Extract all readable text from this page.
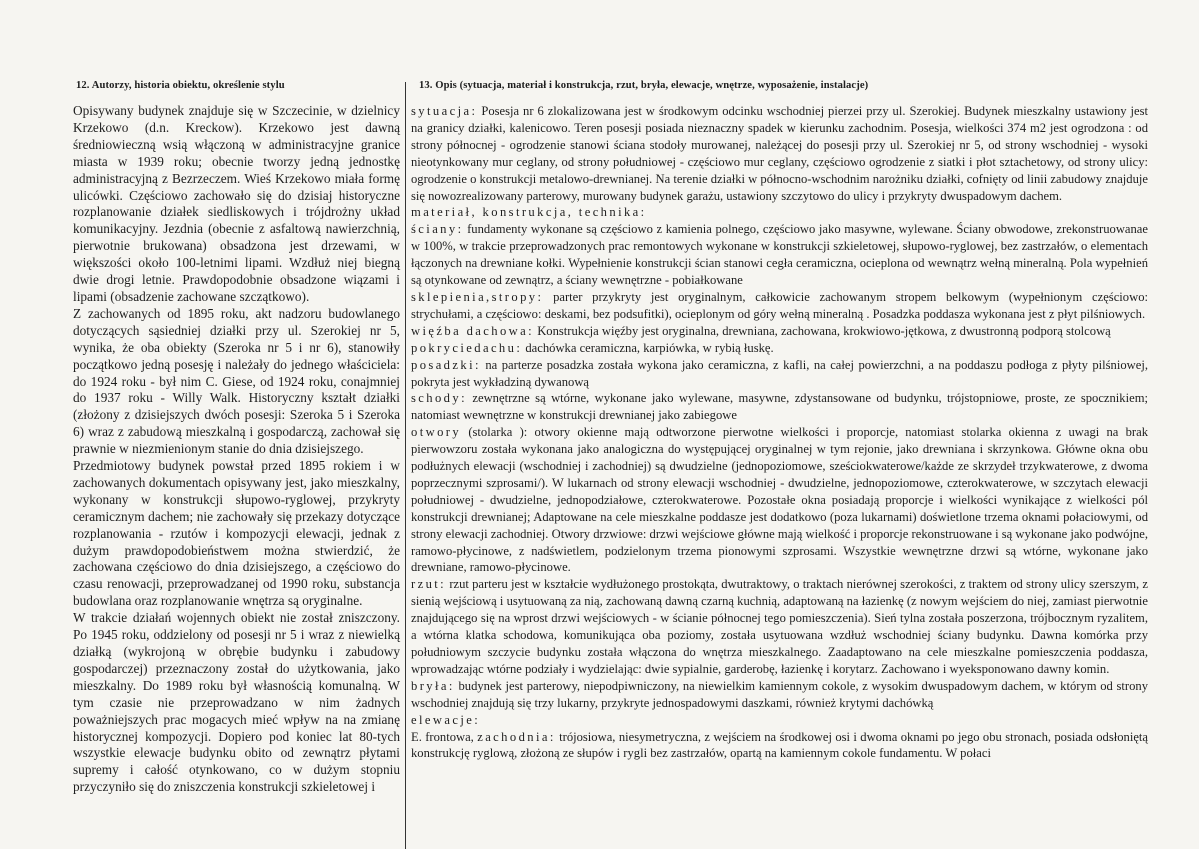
12. Autorzy, historia obiektu, określenie stylu

Opisywany budynek znajduje się w Szczecinie, w dzielnicy Krzekowo (d.n. Kreckow). Krzekowo jest dawną średniowieczną wsią włączoną w administracyjne granice miasta w 1939 roku; obecnie tworzy jedną jednostkę administracyjną z Bezrzeczem. Wieś Krzekowo miała formę ulicówki. Częściowo zachowało się do dzisiaj historyczne rozplanowanie działek siedliskowych i trójdrożny układ komunikacyjny. Jezdnia (obecnie z asfaltową nawierzchnią, pierwotnie brukowana) obsadzona jest drzewami, w większości około 100-letnimi lipami. Wzdłuż niej biegną dwie drogi letnie. Prawdopodobnie obsadzone wiązami i lipami (obsadzenie zachowane szczątkowo).

Z zachowanych od 1895 roku, akt nadzoru budowlanego dotyczących sąsiedniej działki przy ul. Szerokiej nr 5, wynika, że oba obiekty (Szeroka nr 5 i nr 6), stanowiły początkowo jedną posesję i należały do jednego właściciela: do 1924 roku - był nim C. Giese, od 1924 roku, conajmniej do 1937 roku - Willy Walk. Historyczny kształt działki (złożony z dzisiejszych dwóch posesji: Szeroka 5 i Szeroka 6) wraz z zabudową mieszkalną i gospodarczą, zachował się prawnie w niezmienionym stanie do dnia dzisiejszego.

Przedmiotowy budynek powstał przed 1895 rokiem i w zachowanych dokumentach opisywany jest, jako mieszkalny, wykonany w konstrukcji słupowo-ryglowej, przykryty ceramicznym dachem; nie zachowały się przekazy dotyczące rozplanowania - rzutów i kompozycji elewacji, jednak z dużym prawdopodobieństwem można stwierdzić, że zachowana częściowo do dnia dzisiejszego, a częściowo do czasu renowacji, przeprowadzanej od 1990 roku, substancja budowlana oraz rozplanowanie wnętrza są oryginalne.

W trakcie działań wojennych obiekt nie został zniszczony. Po 1945 roku, oddzielony od posesji nr 5 i wraz z niewielką działką (wykrojoną w obrębie budynku i zabudowy gospodarczej) przeznaczony został do użytkowania, jako mieszkalny. Do 1989 roku był własnością komunalną. W tym czasie nie przeprowadzano w nim żadnych poważniejszych prac mogacych mieć wpływ na na zmianę historycznej kompozycji. Dopiero pod koniec lat 80-tych wszystkie elewacje budynku obito od zewnątrz płytami supremy i całość otynkowano, co w dużym stopniu przyczyniło się do zniszczenia konstrukcji szkieletowej i

13. Opis (sytuacja, materiał i konstrukcja, rzut, bryła, elewacje, wnętrze, wyposażenie, instalacje)

sytuacja: Posesja nr 6 zlokalizowana jest w środkowym odcinku wschodniej pierzei przy ul. Szerokiej. Budynek mieszkalny ustawiony jest na granicy działki, kalenicowo. Teren posesji posiada nieznaczny spadek w kierunku zachodnim. Posesja, wielkości 374 m2 jest ogrodzona : od strony północnej - ogrodzenie stanowi ściana stodoły murowanej, należącej do posesji przy ul. Szerokiej nr 5, od strony wschodniej - wysoki nieotynkowany mur ceglany, od strony południowej - częściowo mur ceglany, częściowo ogrodzenie z siatki i płot sztachetowy, od strony ulicy: ogrodzenie o konstrukcji metalowo-drewnianej. Na terenie działki w północno-wschodnim narożniku działki, cofnięty od linii zabudowy znajduje się nowozrealizowany parterowy, murowany budynek garażu, ustawiony szczytowo do ulicy i przykryty dwuspadowym dachem.

materiał, konstrukcja, technika:

ściany: fundamenty wykonane są częściowo z kamienia polnego, częściowo jako masywne, wylewane. Ściany obwodowe, zrekonstruowanae w 100%, w trakcie przeprowadzonych prac remontowych wykonane w konstrukcji szkieletowej, słupowo-ryglowej, bez zastrzałów, o elementach łączonych na drewniane kołki. Wypełnienie konstrukcji ścian stanowi cegła ceramiczna, ocieplona od wewnątrz wełną mineralną. Pola wypełnień są otynkowane od zewnątrz, a ściany wewnętrzne - pobiałkowane

sklepienia,stropy: parter przykryty jest oryginalnym, całkowicie zachowanym stropem belkowym (wypełnionym częściowo: strychułami, a częściowo: deskami, bez podsufitki), ocieplonym od góry wełną mineralną . Posadzka poddasza wykonana jest z płyt pilśniowych.

więźba dachowa: Konstrukcja więźby jest oryginalna, drewniana, zachowana, krokwiowo-jętkowa, z dwustronną podporą stolcową

pokryciedachu: dachówka ceramiczna, karpiówka, w rybią łuskę.

posadzki: na parterze posadzka została wykona jako ceramiczna, z kafli, na całej powierzchni, a na poddaszu podłoga z płyty pilśniowej, pokryta jest wykładziną dywanową

schody: zewnętrzne są wtórne, wykonane jako wylewane, masywne, zdystansowane od budynku, trójstopniowe, proste, ze spocznikiem; natomiast wewnętrzne w konstrukcji drewnianej jako zabiegowe

otwory (stolarka ): otwory okienne mają odtworzone pierwotne wielkości i proporcje, natomiast stolarka okienna z uwagi na brak pierwowzoru została wykonana jako analogiczna do występującej oryginalnej w tym rejonie, jako drewniana i skrzynkowa. Główne okna obu podłużnych elewacji (wschodniej i zachodniej) są dwudzielne (jednopoziomowe, sześciokwaterowe/każde ze skrzydeł trzykwaterowe, z dwoma poprzecznymi szprosami/). W lukarnach od strony elewacji wschodniej - dwudzielne, jednopoziomowe, czterokwaterowe, w szczytach elewacji południowej - dwudzielne, jednopodziałowe, czterokwaterowe. Pozostałe okna posiadają proporcje i wielkości wynikające z wielkości pól konstrukcji drewnianej; Adaptowane na cele mieszkalne poddasze jest dodatkowo (poza lukarnami) doświetlone trzema oknami połaciowymi, od strony elewacji zachodniej. Otwory drzwiowe: drzwi wejściowe główne mają wielkość i proporcje rekonstruowane i są wykonane jako podwójne, ramowo-płycinowe, z nadświetlem, podzielonym trzema pionowymi szprosami. Wszystkie wewnętrzne drzwi są wtórne, wykonane jako drewniane, ramowo-płycinowe.

rzut: rzut parteru jest w kształcie wydłużonego prostokąta, dwutraktowy, o traktach nierównej szerokości, z traktem od strony ulicy szerszym, z sienią wejściową i usytuowaną za nią, zachowaną dawną czarną kuchnią, adaptowaną na łazienkę (z nowym wejściem do niej, zamiast pierwotnie znajdującego się na wprost drzwi wejściowych - w ścianie północnej tego pomieszczenia). Sień tylna została poszerzona, trójbocznym ryzalitem, a wtórna klatka schodowa, komunikująca oba poziomy, została usytuowana wzdłuż wschodniej ściany budynku. Dawna komórka przy południowym szczycie budynku została włączona do wnętrza mieszkalnego. Zaadaptowano na cele mieszkalne pomieszczenia poddasza, wprowadzając wtórne podziały i wydzielając: dwie sypialnie, garderobę, łazienkę i korytarz. Zachowano i wyeksponowano dawny komin.

bryła: budynek jest parterowy, niepodpiwniczony, na niewielkim kamiennym cokole, z wysokim dwuspadowym dachem, w którym od strony wschodniej znajdują się trzy lukarny, przykryte jednospadowymi daszkami, również krytymi dachówką

elewacje:

E. frontowa, zachodnia: trójosiowa, niesymetryczna, z wejściem na środkowej osi i dwoma oknami po jego obu stronach, posiada odsłoniętą konstrukcję ryglową, złożoną ze słupów i rygli bez zastrzałów, opartą na kamiennym cokole fundamentu. W połaci
